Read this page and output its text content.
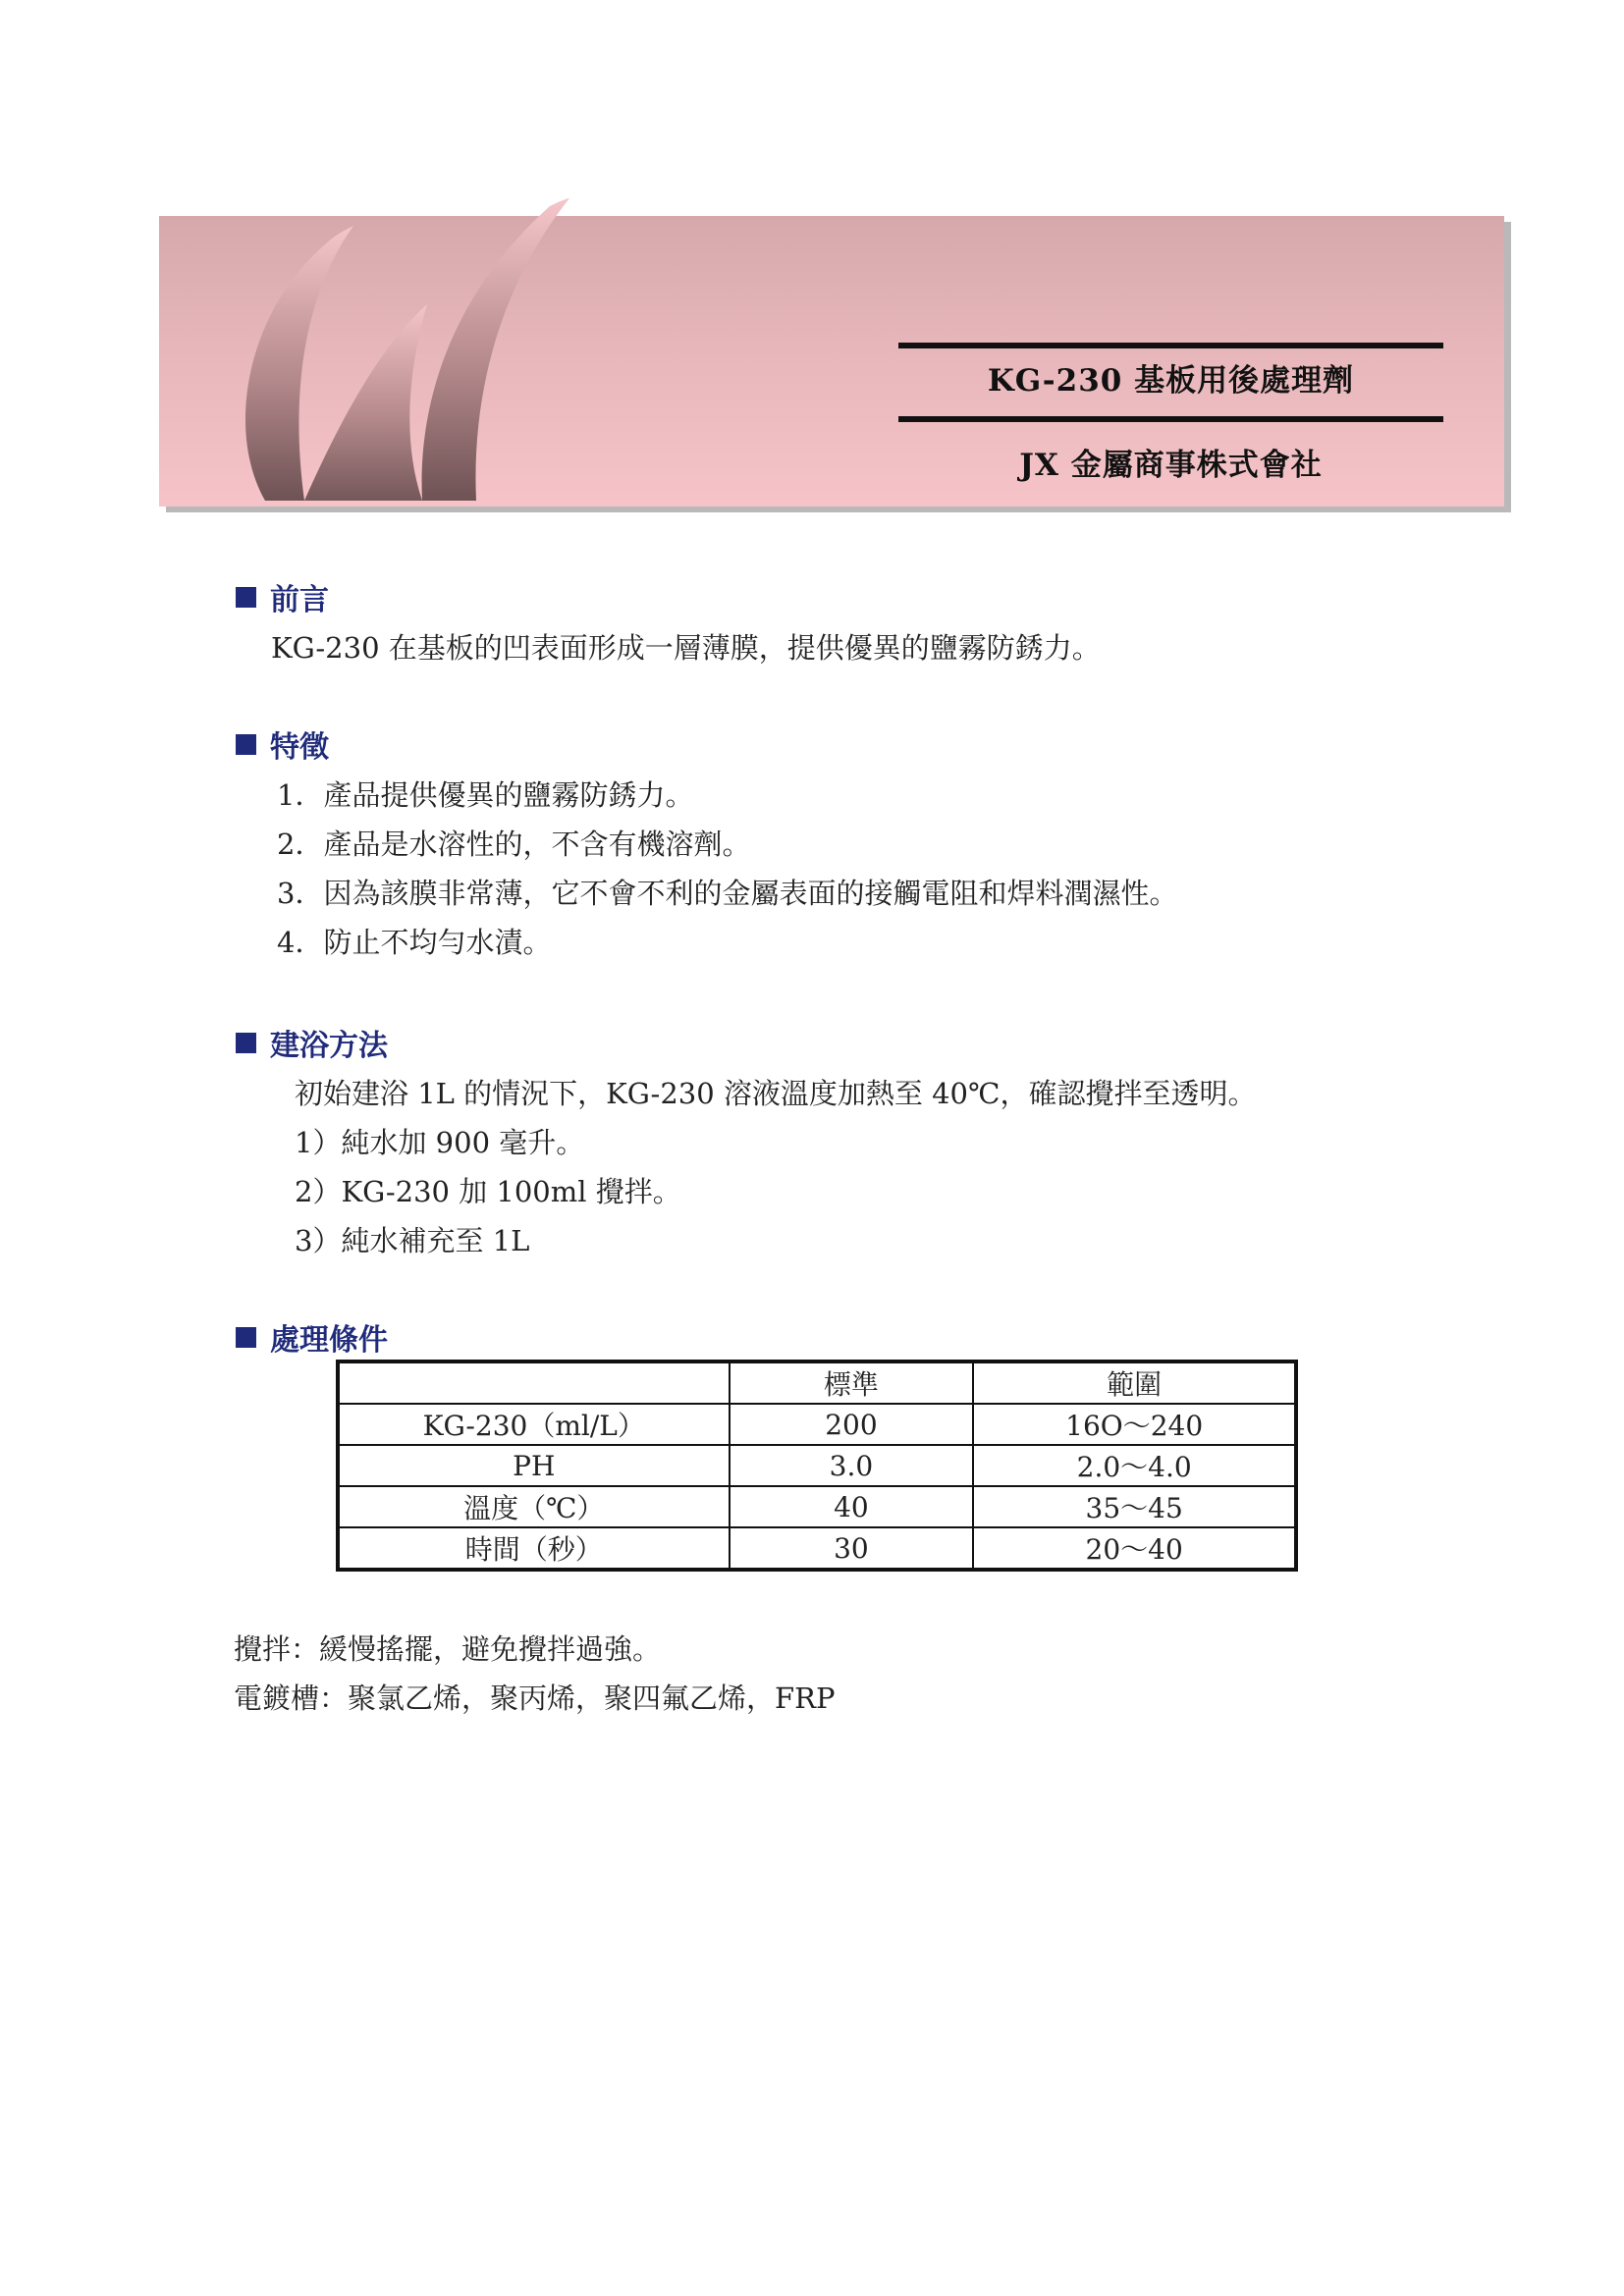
KG-230 基板用後處理劑
JX 金屬商事株式會社
前言
KG-230 在基板的凹表面形成一層薄膜，提供優異的鹽霧防銹力。
特徵
1．產品提供優異的鹽霧防銹力。
2．產品是水溶性的，不含有機溶劑。
3．因為該膜非常薄，它不會不利的金屬表面的接觸電阻和焊料潤濕性。
4．防止不均勻水漬。
建浴方法
初始建浴 1L 的情況下，KG-230 溶液溫度加熱至 40℃，確認攪拌至透明。
1）純水加 900 毫升。
2）KG-230 加 100ml 攪拌。
3）純水補充至 1L
處理條件
	標準	範圍
KG-230（ml/L）	200	16O～240
PH	3.0	2.0～4.0
溫度（℃）	40	35～45
時間（秒）	30	20～40
攪拌：緩慢搖擺，避免攪拌過強。
電鍍槽：聚氯乙烯，聚丙烯，聚四氟乙烯，FRP
